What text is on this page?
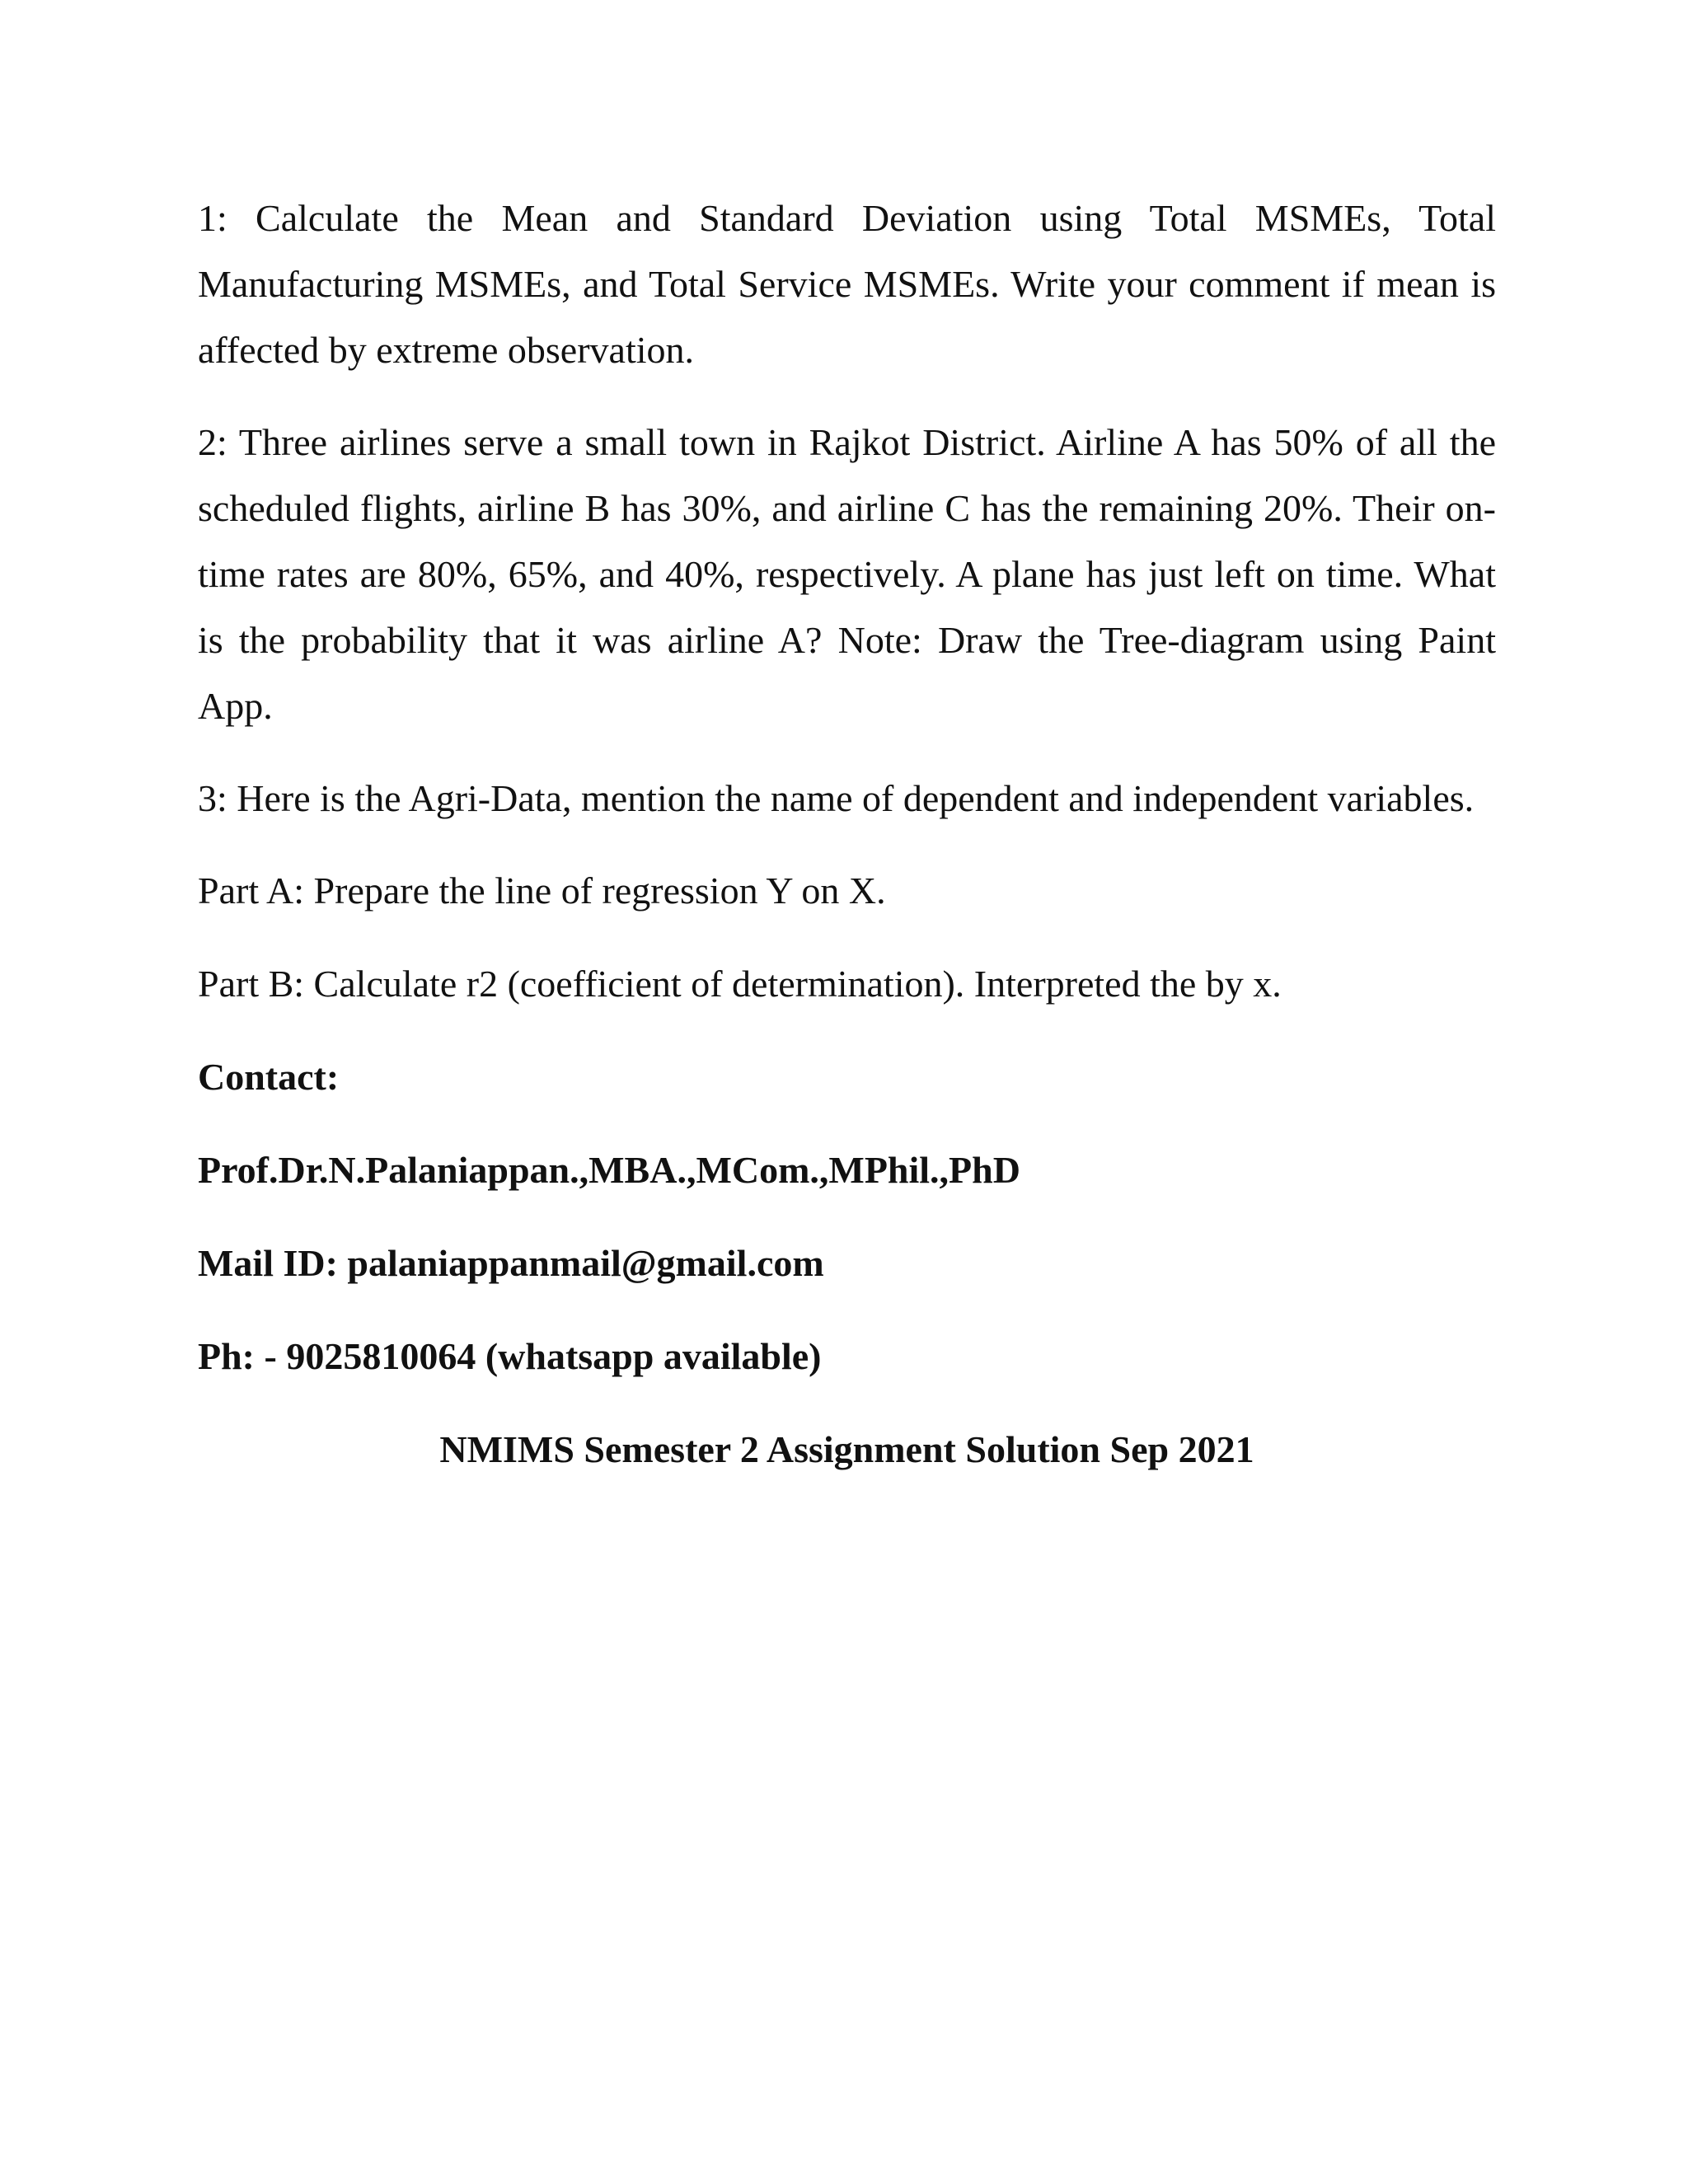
1: Calculate the Mean and Standard Deviation using Total MSMEs, Total Manufacturing MSMEs, and Total Service MSMEs. Write your comment if mean is affected by extreme observation.

2: Three airlines serve a small town in Rajkot District. Airline A has 50% of all the scheduled flights, airline B has 30%, and airline C has the remaining 20%. Their on-time rates are 80%, 65%, and 40%, respectively. A plane has just left on time. What is the probability that it was airline A? Note: Draw the Tree-diagram using Paint App.

3: Here is the Agri-Data, mention the name of dependent and independent variables.

Part A: Prepare the line of regression Y on X.
Part B: Calculate r2 (coefficient of determination). Interpreted the by x.
Contact:
Prof.Dr.N.Palaniappan.,MBA.,MCom.,MPhil.,PhD
Mail ID: palaniappanmail@gmail.com
Ph: - 9025810064 (whatsapp available)
NMIMS Semester 2 Assignment Solution Sep 2021
